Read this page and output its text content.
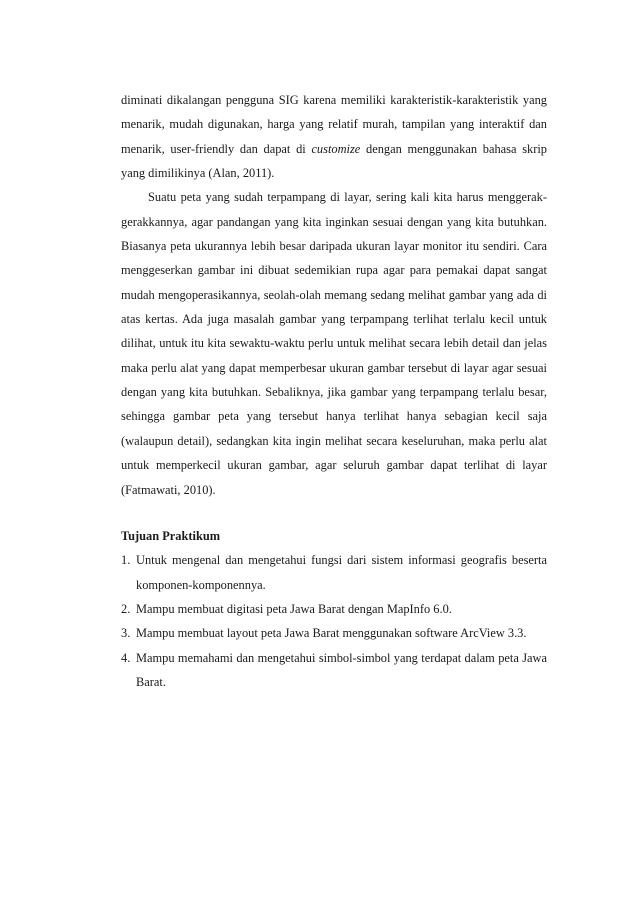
diminati dikalangan pengguna SIG karena memiliki karakteristik-karakteristik yang menarik, mudah digunakan, harga yang relatif murah, tampilan yang interaktif dan menarik, user-friendly dan dapat di customize dengan menggunakan bahasa skrip yang dimilikinya (Alan, 2011).

Suatu peta yang sudah terpampang di layar, sering kali kita harus menggerak-gerakkannya, agar pandangan yang kita inginkan sesuai dengan yang kita butuhkan. Biasanya peta ukurannya lebih besar daripada ukuran layar monitor itu sendiri. Cara menggeserkan gambar ini dibuat sedemikian rupa agar para pemakai dapat sangat mudah mengoperasikannya, seolah-olah memang sedang melihat gambar yang ada di atas kertas. Ada juga masalah gambar yang terpampang terlihat terlalu kecil untuk dilihat, untuk itu kita sewaktu-waktu perlu untuk melihat secara lebih detail dan jelas maka perlu alat yang dapat memperbesar ukuran gambar tersebut di layar agar sesuai dengan yang kita butuhkan. Sebaliknya, jika gambar yang terpampang terlalu besar, sehingga gambar peta yang tersebut hanya terlihat hanya sebagian kecil saja (walaupun detail), sedangkan kita ingin melihat secara keseluruhan, maka perlu alat untuk memperkecil ukuran gambar, agar seluruh gambar dapat terlihat di layar (Fatmawati, 2010).

Tujuan Praktikum

1. Untuk mengenal dan mengetahui fungsi dari sistem informasi geografis beserta komponen-komponennya.
2. Mampu membuat digitasi peta Jawa Barat dengan MapInfo 6.0.
3. Mampu membuat layout peta Jawa Barat menggunakan software ArcView 3.3.
4. Mampu memahami dan mengetahui simbol-simbol yang terdapat dalam peta Jawa Barat.
